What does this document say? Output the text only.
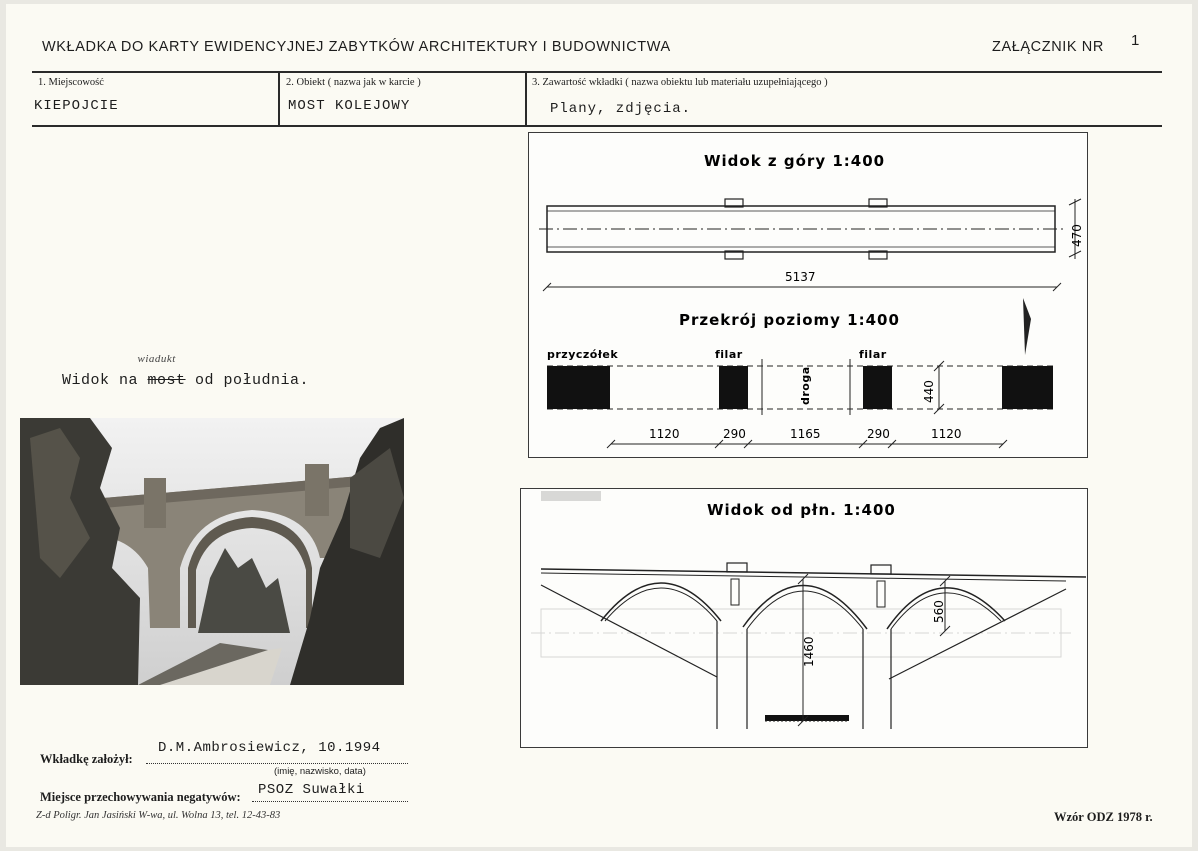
WKŁADKA DO KARTY EWIDENCYJNEJ ZABYTKÓW ARCHITEKTURY I BUDOWNICTWA	ZAŁĄCZNIK NR 1
1. Miejscowość
KIEPOJCIE
2. Obiekt ( nazwa jak w karcie )
MOST KOLEJOWY
3. Zawartość wkładki ( nazwa obiektu lub materiału uzupełniającego )
Plany, zdjęcia.
Widok na most
wiadukt
od południa.
Widok z góry 1:400
470
5137
Przekrój poziomy 1:400
przyczółek	filar	filar
droga	440
1120	290	1165	290	1120
Widok od płn. 1:400
1460
560
Wkładkę założył:
D.M.Ambrosiewicz, 10.1994
(imię, nazwisko, data)
Miejsce przechowywania negatywów: PSOZ Suwałki
Z-d Poligr. Jan Jasiński W-wa, ul. Wolna 13, tel. 12-43-83	Wzór ODZ 1978 r.
